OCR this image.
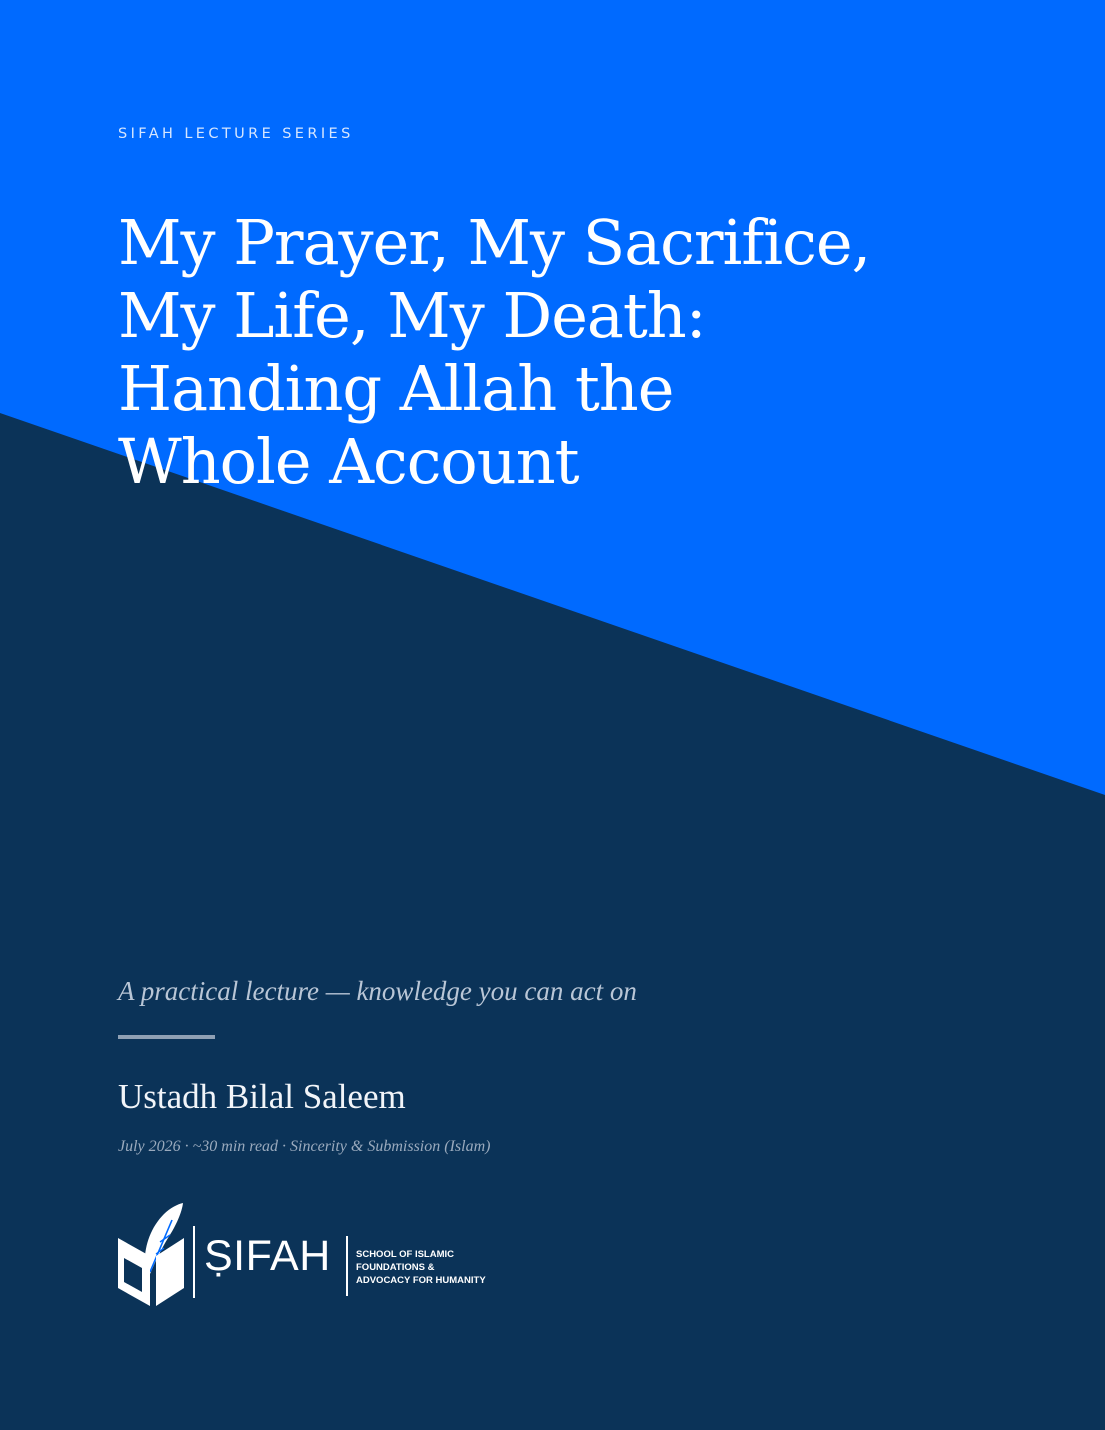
SIFAH LECTURE SERIES
My Prayer, My Sacrifice,
My Life, My Death:
Handing Allah the
Whole Account
A practical lecture — knowledge you can act on
Ustadh Bilal Saleem
July 2026 · ~30 min read · Sincerity & Submission (Islam)
ṢIFAH	SCHOOL OF ISLAMIC
FOUNDATIONS &
ADVOCACY FOR HUMANITY
